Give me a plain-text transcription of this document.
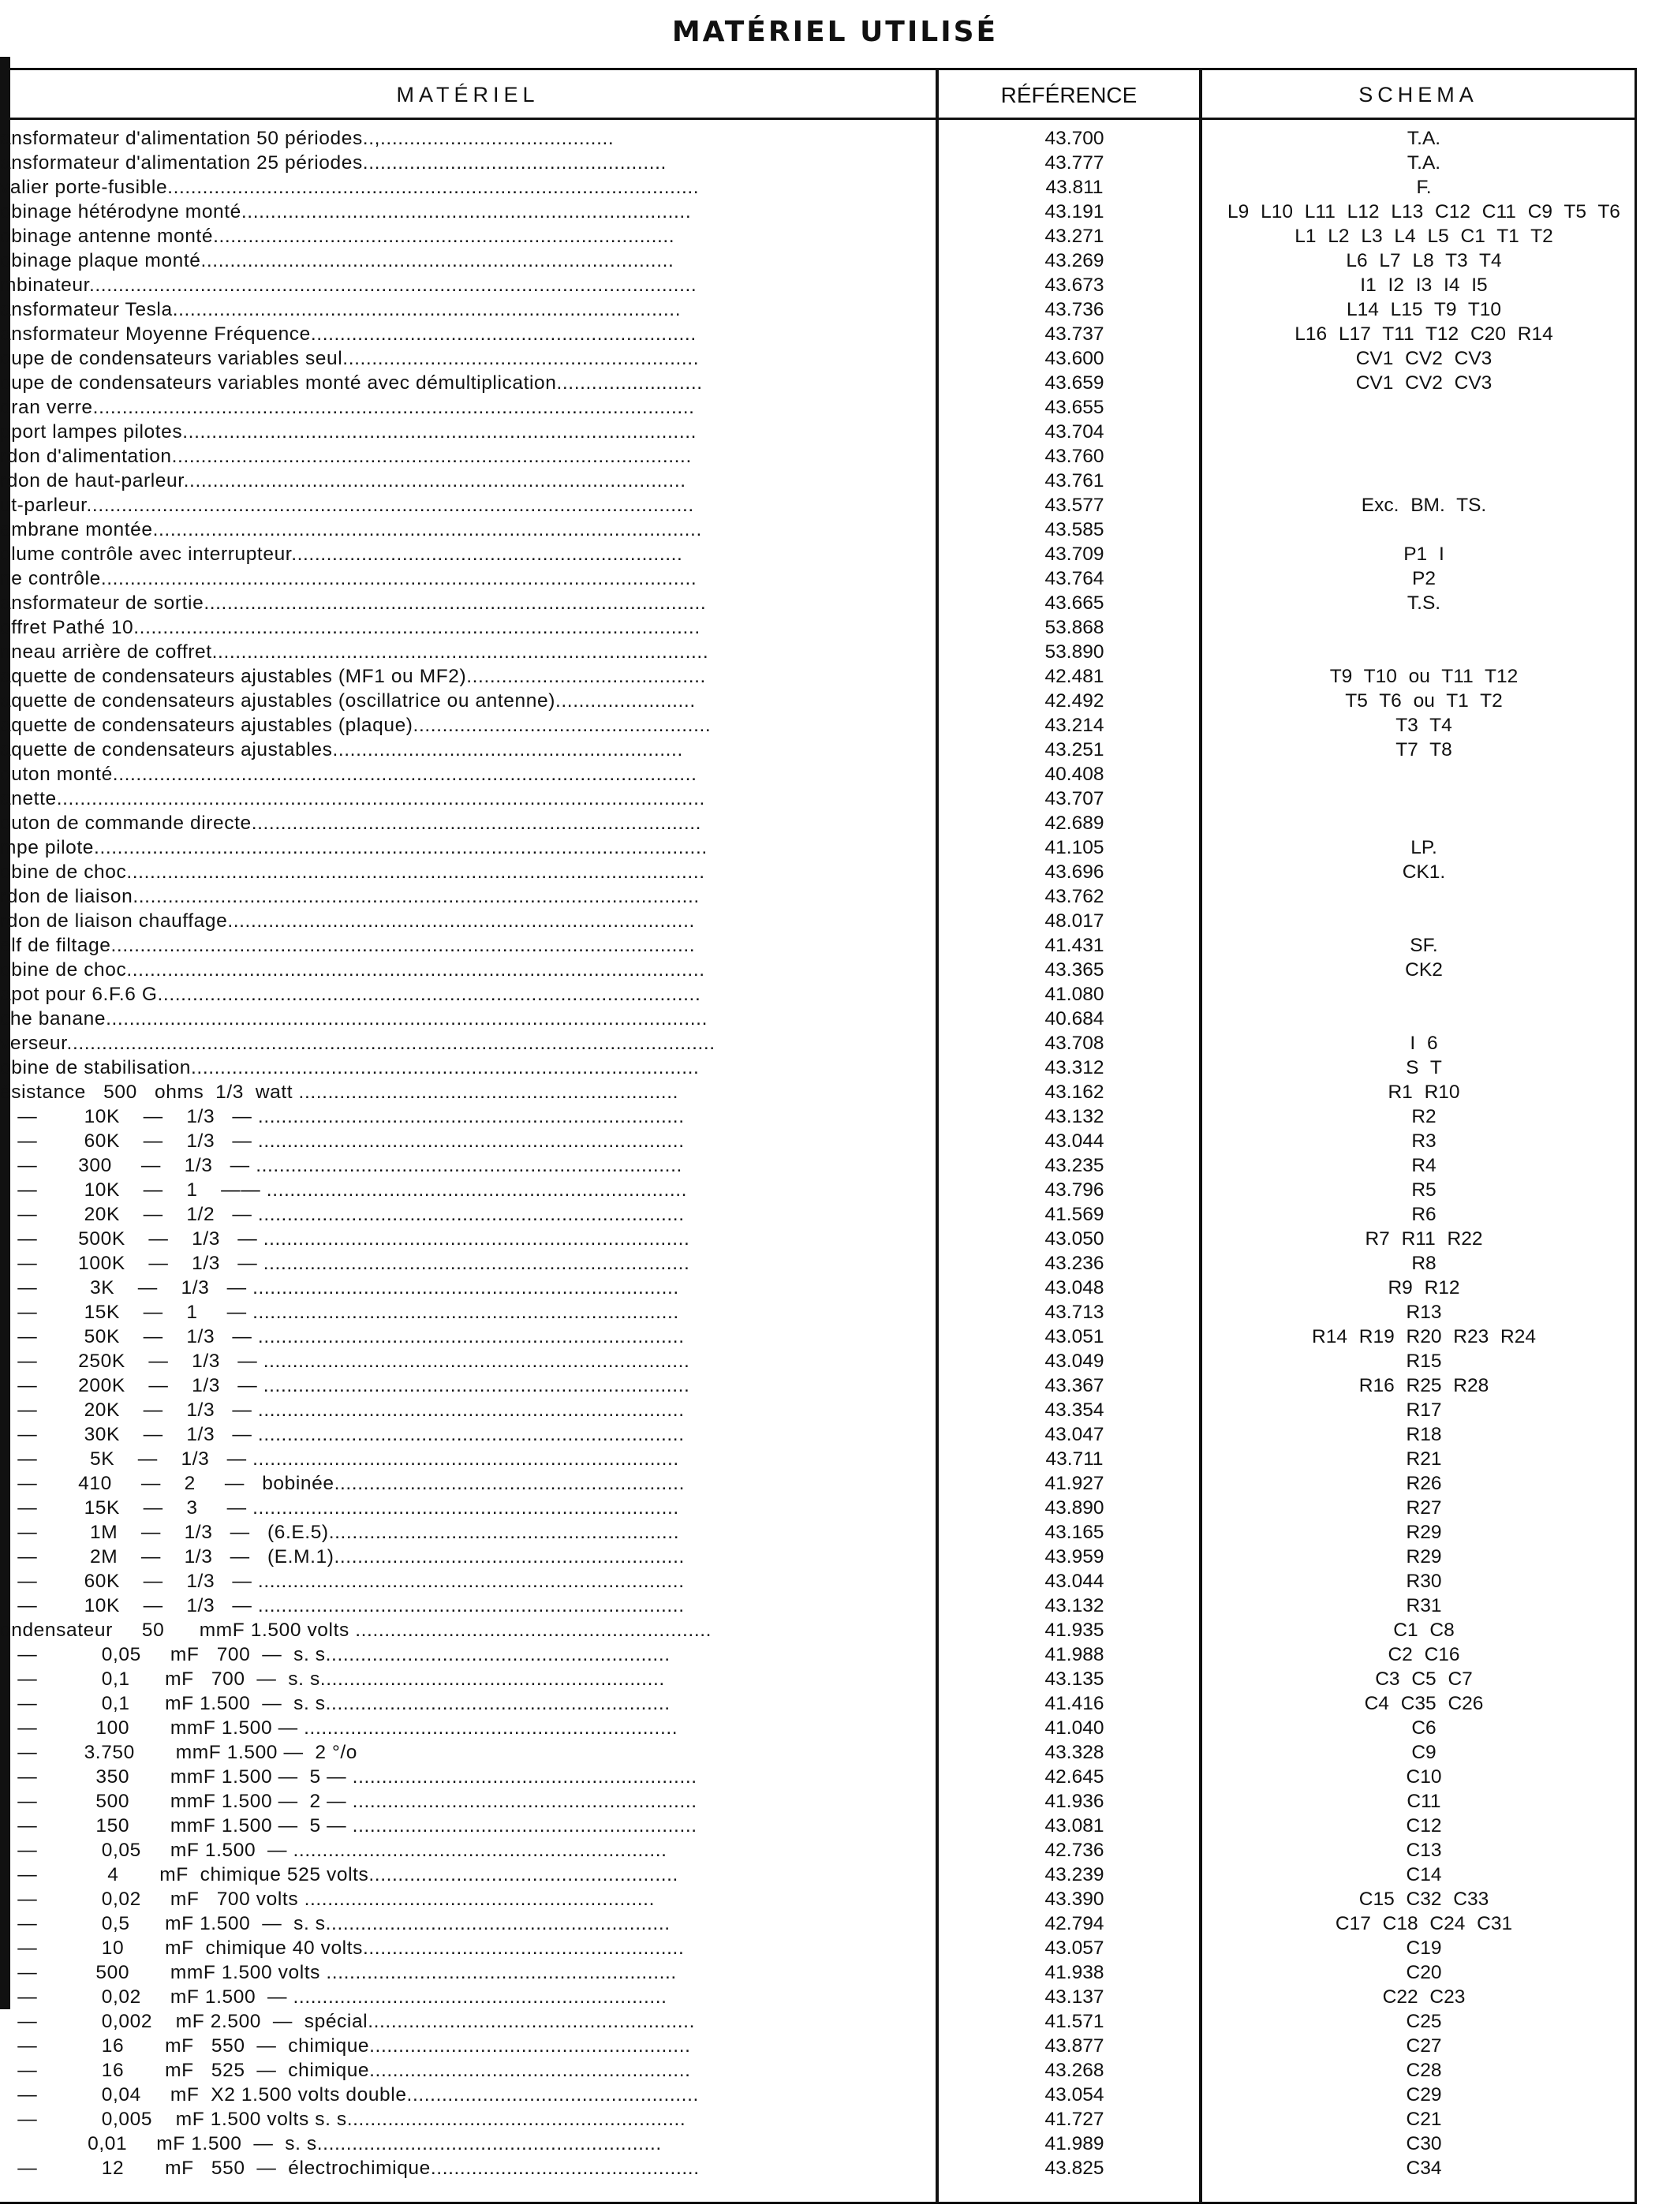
MATÉRIEL UTILISÉ
MATÉRIEL	RÉFÉRENCE	SCHEMA
ansformateur d'alimentation 50 périodes..,........................................	43.700	T.A.
ansformateur d'alimentation 25 périodes....................................................	43.777	T.A.
valier porte-fusible...........................................................................................	43.811	F.
obinage hétérodyne monté.............................................................................	43.191	L9 L10 L11 L12 L13 C12 C11 C9 T5 T6
obinage antenne monté...............................................................................	43.271	L1 L2 L3 L4 L5 C1 T1 T2
obinage plaque monté.................................................................................	43.269	L6 L7 L8 T3 T4
mbinateur........................................................................................................	43.673	I1 I2 I3 I4 I5
ansformateur Tesla.......................................................................................	43.736	L14 L15 T9 T10
ansformateur Moyenne Fréquence..................................................................	43.737	L16 L17 T11 T12 C20 R14
oupe de condensateurs variables seul.............................................................	43.600	CV1 CV2 CV3
oupe de condensateurs variables monté avec démultiplication.........................	43.659	CV1 CV2 CV3
dran verre.......................................................................................................	43.655
pport lampes pilotes........................................................................................	43.704
rdon d'alimentation.........................................................................................	43.760
rdon de haut-parleur......................................................................................	43.761
ut-parleur........................................................................................................	43.577	Exc. BM. TS.
embrane montée..............................................................................................	43.585
olume contrôle avec interrupteur...................................................................	43.709	P1 I
ne contrôle......................................................................................................	43.764	P2
ansformateur de sortie......................................................................................	43.665	T.S.
offret Pathé 10.................................................................................................	53.868
nneau arrière de coffret.....................................................................................	53.890
aquette de condensateurs ajustables (MF1 ou MF2).........................................	42.481	T9 T10 ou T11 T12
aquette de condensateurs ajustables (oscillatrice ou antenne)........................	42.492	T5 T6 ou T1 T2
aquette de condensateurs ajustables (plaque)...................................................	43.214	T3 T4
aquette de condensateurs ajustables............................................................	43.251	T7 T8
outon monté....................................................................................................	40.408
anette...............................................................................................................	43.707
outon de commande directe.............................................................................	42.689
mpe pilote.........................................................................................................	41.105	LP.
obine de choc...................................................................................................	43.696	CK1.
rdon de liaison.................................................................................................	43.762
rdon de liaison chauffage................................................................................	48.017
elf de filtage....................................................................................................	41.431	SF.
obine de choc...................................................................................................	43.365	CK2
apot pour 6.F.6 G.............................................................................................	41.080
che banane.......................................................................................................	40.684
verseur...............................................................................................................	43.708	I 6
obine de stabilisation.......................................................................................	43.312	S T
ésistance   500   ohms  1/3  watt .................................................................	43.162	R1 R10
—        10K    —    1/3   — .........................................................................	43.132	R2
—        60K    —    1/3   — .........................................................................	43.044	R3
—       300     —    1/3   — .........................................................................	43.235	R4
—        10K    —    1    —— ........................................................................	43.796	R5
—        20K    —    1/2   — .........................................................................	41.569	R6
—       500K    —    1/3   — .........................................................................	43.050	R7 R11 R22
—       100K    —    1/3   — .........................................................................	43.236	R8
—         3K    —    1/3   — .........................................................................	43.048	R9 R12
—        15K    —    1     — .........................................................................	43.713	R13
—        50K    —    1/3   — .........................................................................	43.051	R14 R19 R20 R23 R24
—       250K    —    1/3   — .........................................................................	43.049	R15
—       200K    —    1/3   — .........................................................................	43.367	R16 R25 R28
—        20K    —    1/3   — .........................................................................	43.354	R17
—        30K    —    1/3   — .........................................................................	43.047	R18
—         5K    —    1/3   — .........................................................................	43.711	R21
—       410     —    2     —   bobinée............................................................	41.927	R26
—        15K    —    3     — .........................................................................	43.890	R27
—         1M    —    1/3   —   (6.E.5)............................................................	43.165	R29
—         2M    —    1/3   —   (E.M.1)............................................................	43.959	R29
—        60K    —    1/3   — .........................................................................	43.044	R30
—        10K    —    1/3   — .........................................................................	43.132	R31
ondensateur     50      mmF 1.500 volts .............................................................	41.935	C1 C8
—           0,05     mF   700  —  s. s...........................................................	41.988	C2 C16
—           0,1      mF   700  —  s. s...........................................................	43.135	C3 C5 C7
—           0,1      mF 1.500  —  s. s...........................................................	41.416	C4 C35 C26
—          100       mmF 1.500 — ................................................................	41.040	C6
—        3.750       mmF 1.500 —  2 °/o	43.328	C9
—          350       mmF 1.500 —  5 — ...........................................................	42.645	C10
—          500       mmF 1.500 —  2 — ...........................................................	41.936	C11
—          150       mmF 1.500 —  5 — ...........................................................	43.081	C12
—           0,05     mF 1.500  — ................................................................	42.736	C13
—            4       mF  chimique 525 volts.....................................................	43.239	C14
—           0,02     mF   700 volts ............................................................	43.390	C15 C32 C33
—           0,5      mF 1.500  —  s. s...........................................................	42.794	C17 C18 C24 C31
—           10       mF  chimique 40 volts.......................................................	43.057	C19
—          500       mmF 1.500 volts ............................................................	41.938	C20
—           0,02     mF 1.500  — ................................................................	43.137	C22 C23
—           0,002    mF 2.500  —  spécial........................................................	41.571	C25
—           16       mF   550  —  chimique.......................................................	43.877	C27
—           16       mF   525  —  chimique.......................................................	43.268	C28
—           0,04     mF  X2 1.500 volts double..................................................	43.054	C29
—           0,005    mF 1.500 volts s. s..........................................................	41.727	C21
0,01     mF 1.500  —  s. s...........................................................	41.989	C30
—           12       mF   550  —  électrochimique..............................................	43.825	C34
